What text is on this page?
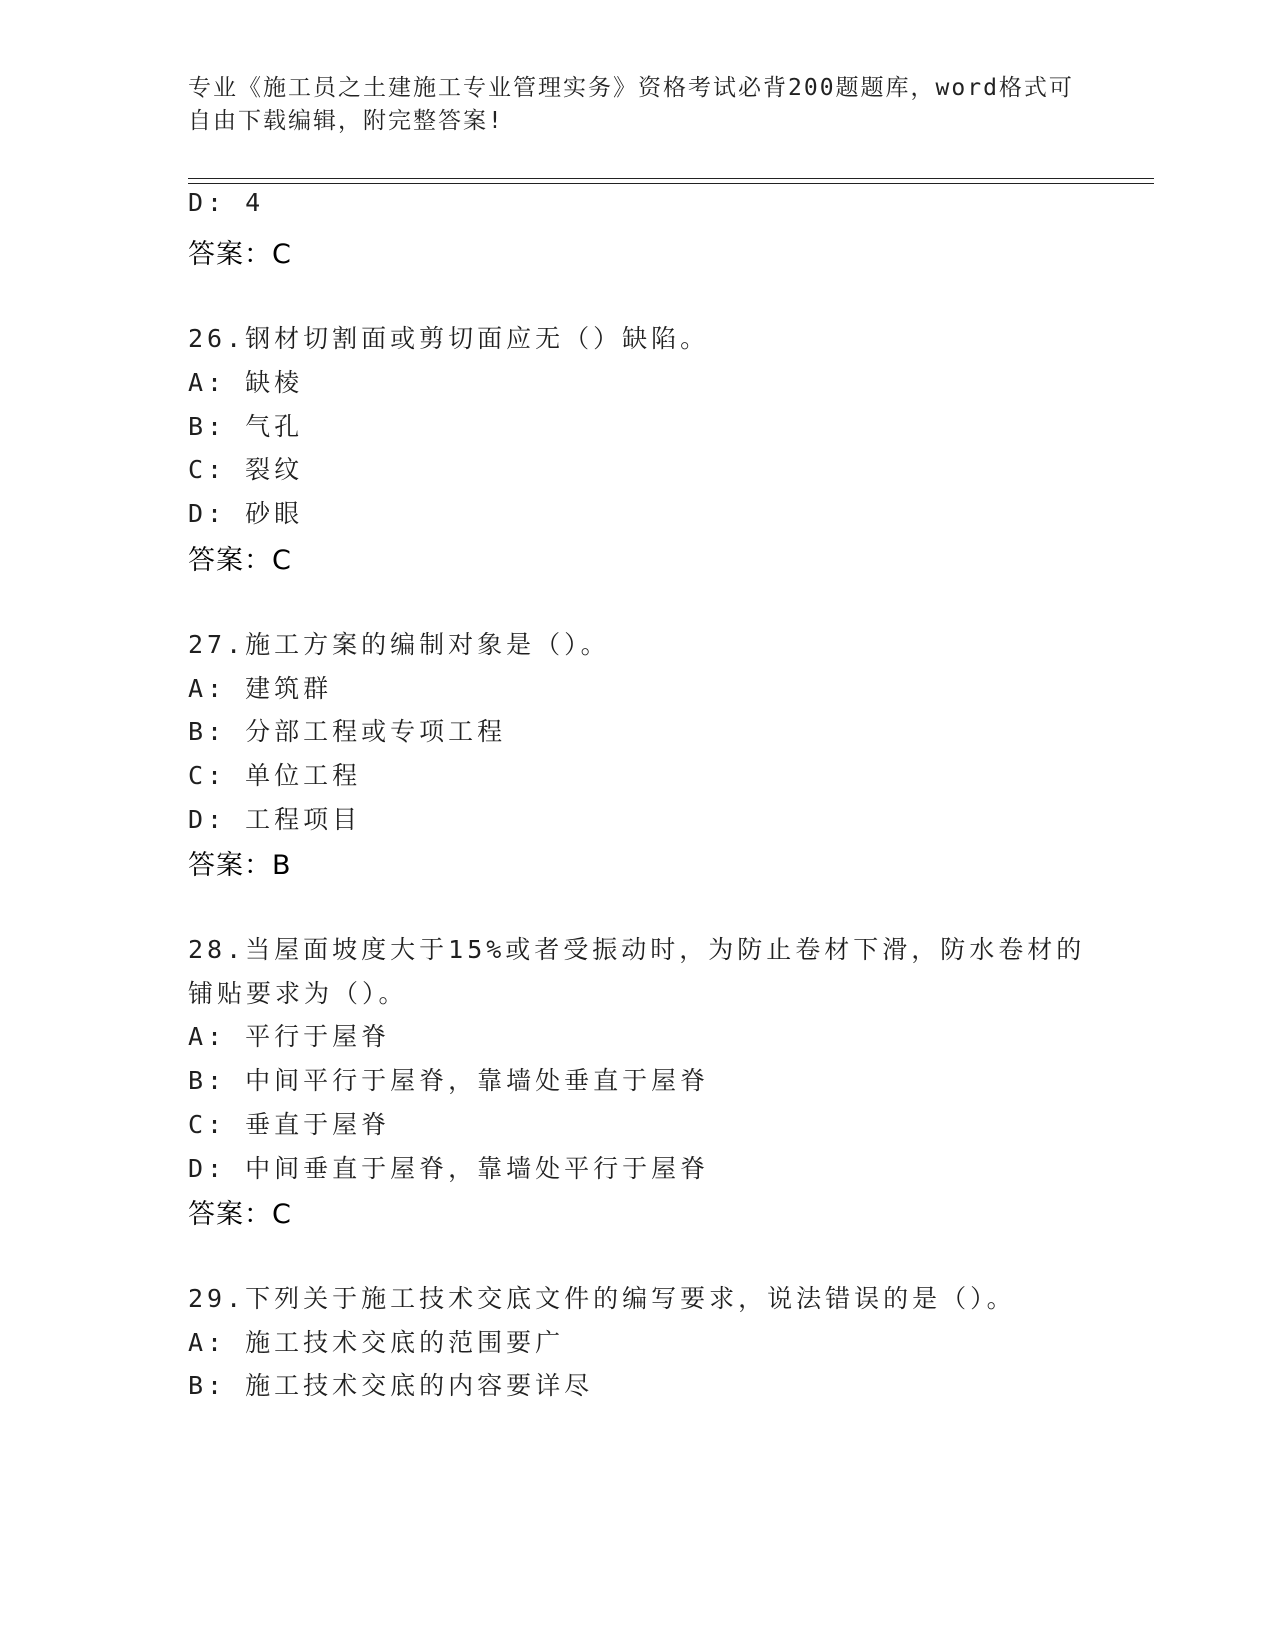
专业《施工员之土建施工专业管理实务》资格考试必背200题题库，word格式可
自由下载编辑，附完整答案!
D: 4
答案：C
26.钢材切割面或剪切面应无（）缺陷。
A: 缺棱
B: 气孔
C: 裂纹
D: 砂眼
答案：C
27.施工方案的编制对象是（）。
A: 建筑群
B: 分部工程或专项工程
C: 单位工程
D: 工程项目
答案：B
28.当屋面坡度大于15%或者受振动时，为防止卷材下滑，防水卷材的
铺贴要求为（）。
A: 平行于屋脊
B: 中间平行于屋脊，靠墙处垂直于屋脊
C: 垂直于屋脊
D: 中间垂直于屋脊，靠墙处平行于屋脊
答案：C
29.下列关于施工技术交底文件的编写要求，说法错误的是（）。
A: 施工技术交底的范围要广
B: 施工技术交底的内容要详尽
